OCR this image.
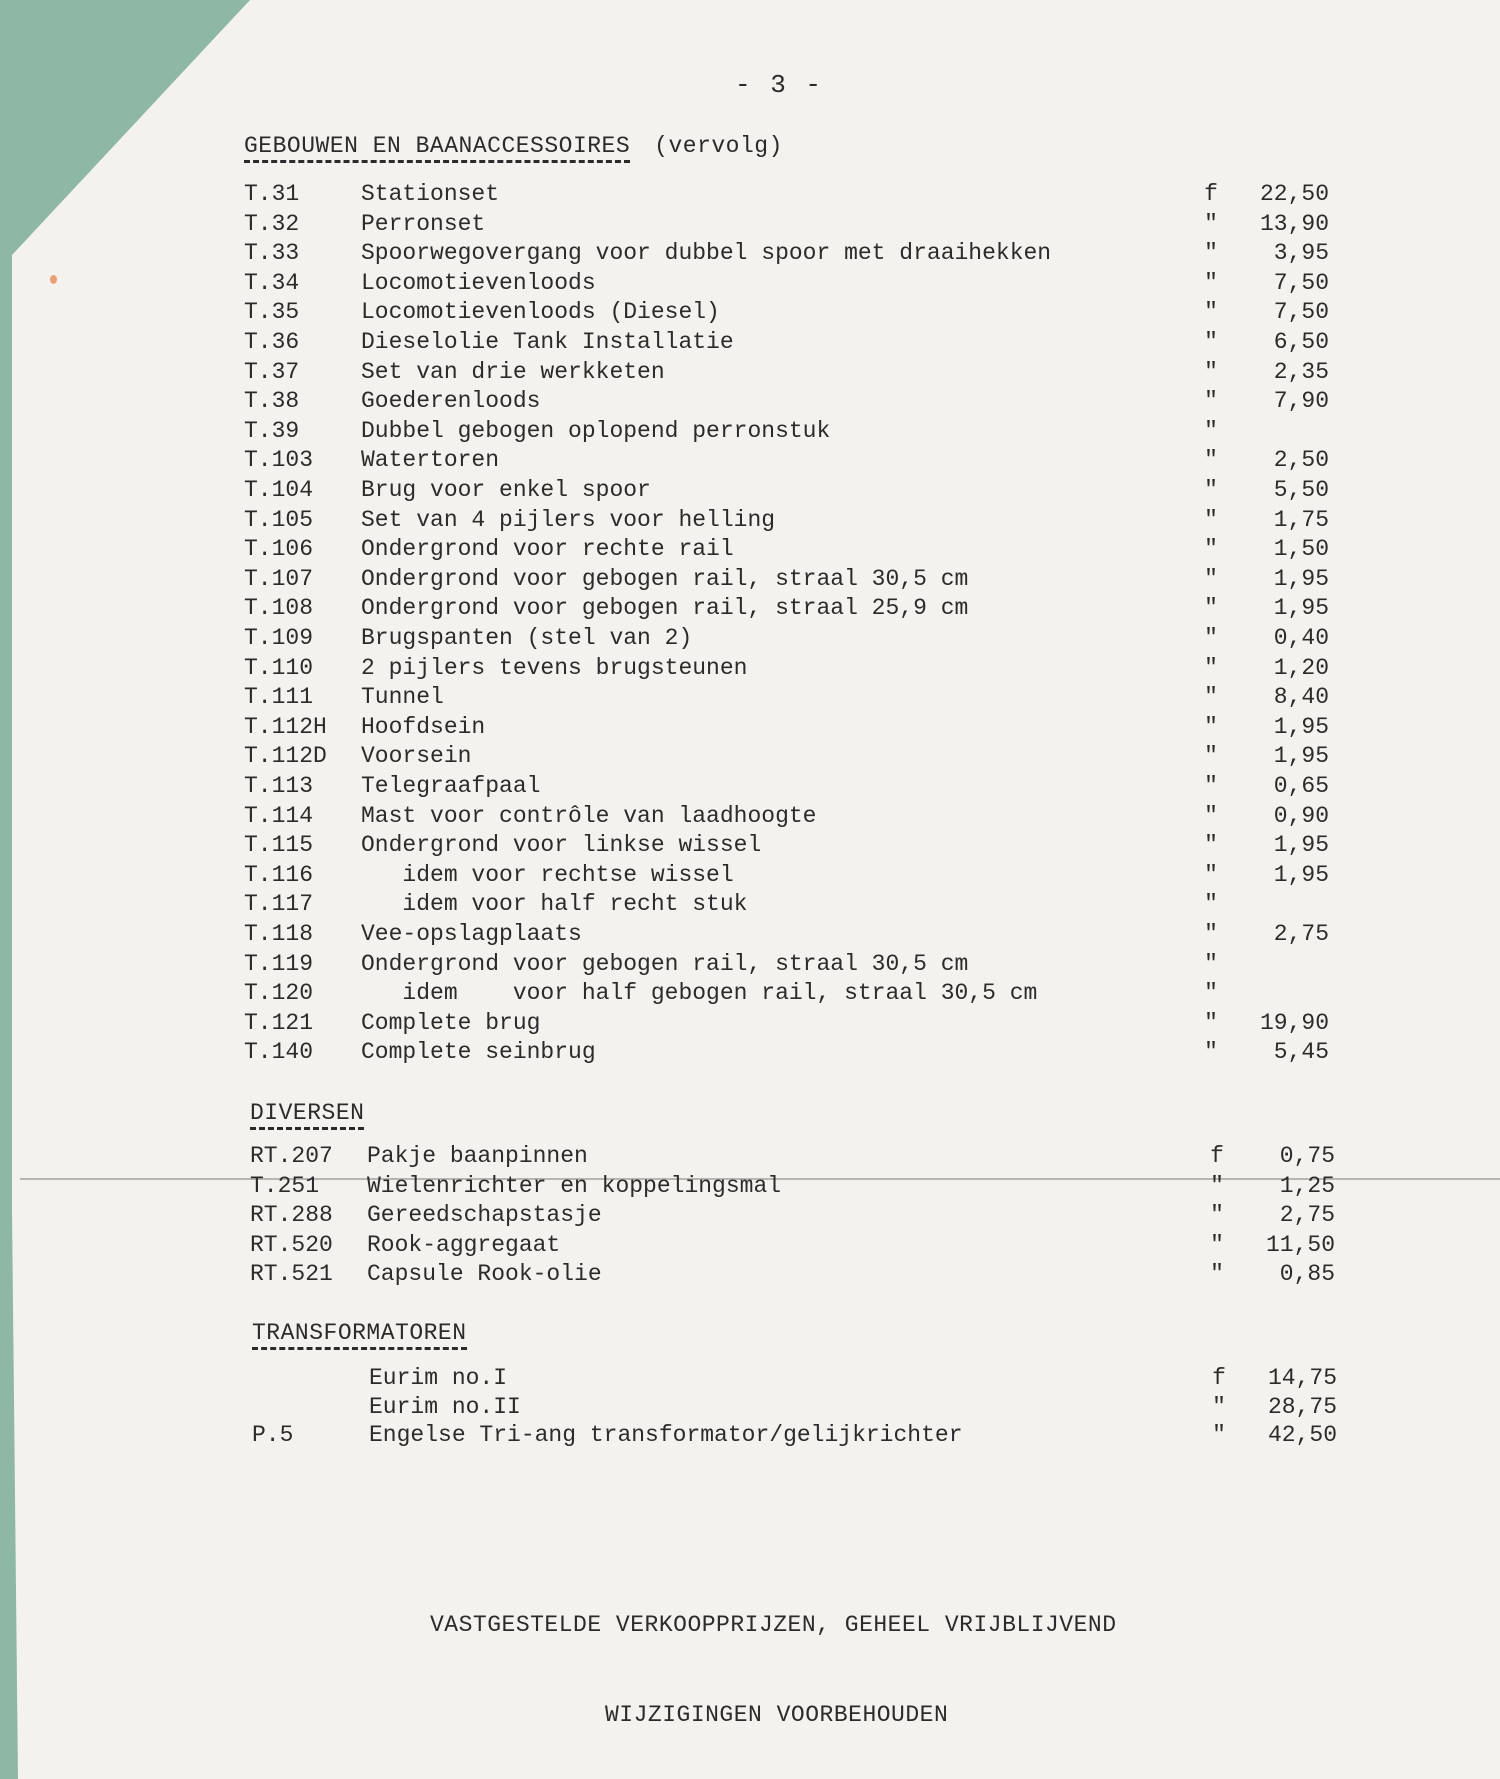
- 3 -
GEBOUWEN EN BAANACCESSOIRES (vervolg)
T.31	Stationset	f	22,50
T.32	Perronset	"	13,90
T.33	Spoorwegovergang voor dubbel spoor met draaihekken	"	3,95
T.34	Locomotievenloods	"	7,50
T.35	Locomotievenloods (Diesel)	"	7,50
T.36	Dieselolie Tank Installatie	"	6,50
T.37	Set van drie werkketen	"	2,35
T.38	Goederenloods	"	7,90
T.39	Dubbel gebogen oplopend perronstuk	"
T.103 Watertoren	"	2,50
T.104 Brug voor enkel spoor	"	5,50
T.105 Set van 4 pijlers voor helling	"	1,75
T.106 Ondergrond voor rechte rail	"	1,50
T.107 Ondergrond voor gebogen rail, straal 30,5 cm	"	1,95
T.108 Ondergrond voor gebogen rail, straal 25,9 cm	"	1,95
T.109 Brugspanten (stel van 2)	"	0,40
T.110 2 pijlers tevens brugsteunen	"	1,20
T.111 Tunnel	"	8,40
T.112H Hoofdsein	"	1,95
T.112D Voorsein	"	1,95
T.113 Telegraafpaal	"	0,65
T.114 Mast voor contrôle van laadhoogte	"	0,90
T.115 Ondergrond voor linkse wissel	"	1,95
T.116 idem voor rechtse wissel	"	1,95
T.117 idem voor half recht stuk	"
T.118 Vee-opslagplaats	"	2,75
T.119 Ondergrond voor gebogen rail, straal 30,5 cm	"
T.120 idem    voor half gebogen rail, straal 30,5 cm	"
T.121 Complete brug	"	19,90
T.140 Complete seinbrug	"	5,45
DIVERSEN
RT.207 Pakje baanpinnen	f	0,75
T.251 Wielenrichter en koppelingsmal	"	1,25
RT.288 Gereedschapstasje	"	2,75
RT.520 Rook-aggregaat	"	11,50
RT.521 Capsule Rook-olie	"	0,85
TRANSFORMATOREN
Eurim no.I	f	14,75
Eurim no.II	"	28,75
P.5	Engelse Tri-ang transformator/gelijkrichter	"	42,50
VASTGESTELDE VERKOOPPRIJZEN, GEHEEL VRIJBLIJVEND
WIJZIGINGEN VOORBEHOUDEN
